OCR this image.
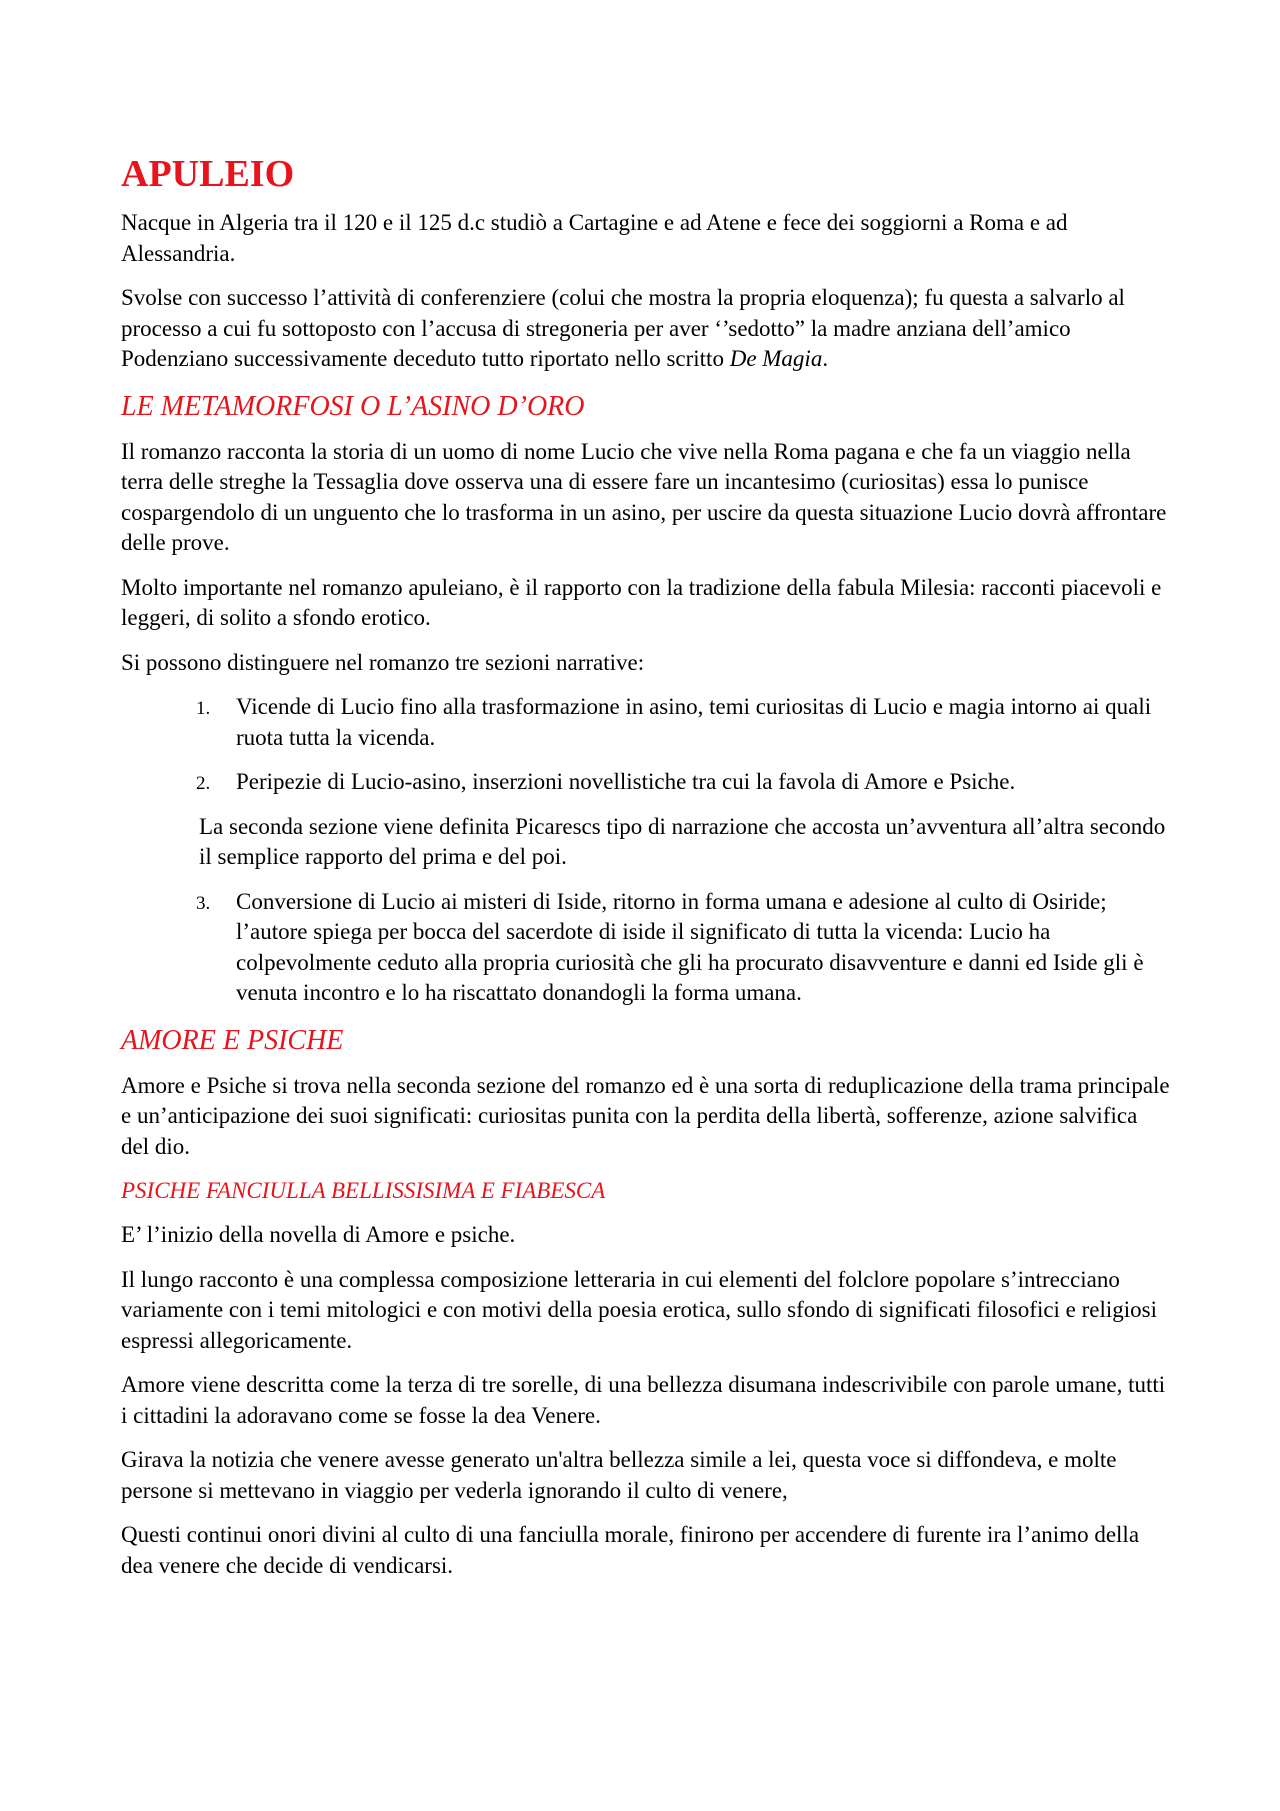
APULEIO

Nacque in Algeria tra il 120 e il 125 d.c studiò a Cartagine e ad Atene e fece dei soggiorni a Roma e ad Alessandria.

Svolse con successo l’attività di conferenziere (colui che mostra la propria eloquenza); fu questa a salvarlo al processo a cui fu sottoposto con l’accusa di stregoneria per aver ‘’sedotto” la madre anziana dell’amico Podenziano successivamente deceduto tutto riportato nello scritto De Magia.

LE METAMORFOSI O L’ASINO D’ORO

Il romanzo racconta la storia di un uomo di nome Lucio che vive nella Roma pagana e che fa un viaggio nella terra delle streghe la Tessaglia dove osserva una di essere fare un incantesimo (curiositas) essa lo punisce cospargendolo di un unguento che lo trasforma in un asino, per uscire da questa situazione Lucio dovrà affrontare delle prove.

Molto importante nel romanzo apuleiano, è il rapporto con la tradizione della fabula Milesia: racconti piacevoli e leggeri, di solito a sfondo erotico.

Si possono distinguere nel romanzo tre sezioni narrative:

1. Vicende di Lucio fino alla trasformazione in asino, temi curiositas di Lucio e magia intorno ai quali ruota tutta la vicenda.
2. Peripezie di Lucio-asino, inserzioni novellistiche tra cui la favola di Amore e Psiche.

La seconda sezione viene definita Picarescs tipo di narrazione che accosta un’avventura all’altra secondo il semplice rapporto del prima e del poi.

3. Conversione di Lucio ai misteri di Iside, ritorno in forma umana e adesione al culto di Osiride; l’autore spiega per bocca del sacerdote di iside il significato di tutta la vicenda: Lucio ha colpevolmente ceduto alla propria curiosità che gli ha procurato disavventure e danni ed Iside gli è venuta incontro e lo ha riscattato donandogli la forma umana.
AMORE E PSICHE

Amore e Psiche si trova nella seconda sezione del romanzo ed è una sorta di reduplicazione della trama principale e un’anticipazione dei suoi significati: curiositas punita con la perdita della libertà, sofferenze, azione salvifica del dio.

PSICHE FANCIULLA BELLISSISIMA E FIABESCA

E’ l’inizio della novella di Amore e psiche.

Il lungo racconto è una complessa composizione letteraria in cui elementi del folclore popolare s’intrecciano variamente con i temi mitologici e con motivi della poesia erotica, sullo sfondo di significati filosofici e religiosi espressi allegoricamente.

Amore viene descritta come la terza di tre sorelle, di una bellezza disumana indescrivibile con parole umane, tutti i cittadini la adoravano come se fosse la dea Venere.

Girava la notizia che venere avesse generato un'altra bellezza simile a lei, questa voce si diffondeva, e molte persone si mettevano in viaggio per vederla ignorando il culto di venere,

Questi continui onori divini al culto di una fanciulla morale, finirono per accendere di furente ira l’animo della dea venere che decide di vendicarsi.
